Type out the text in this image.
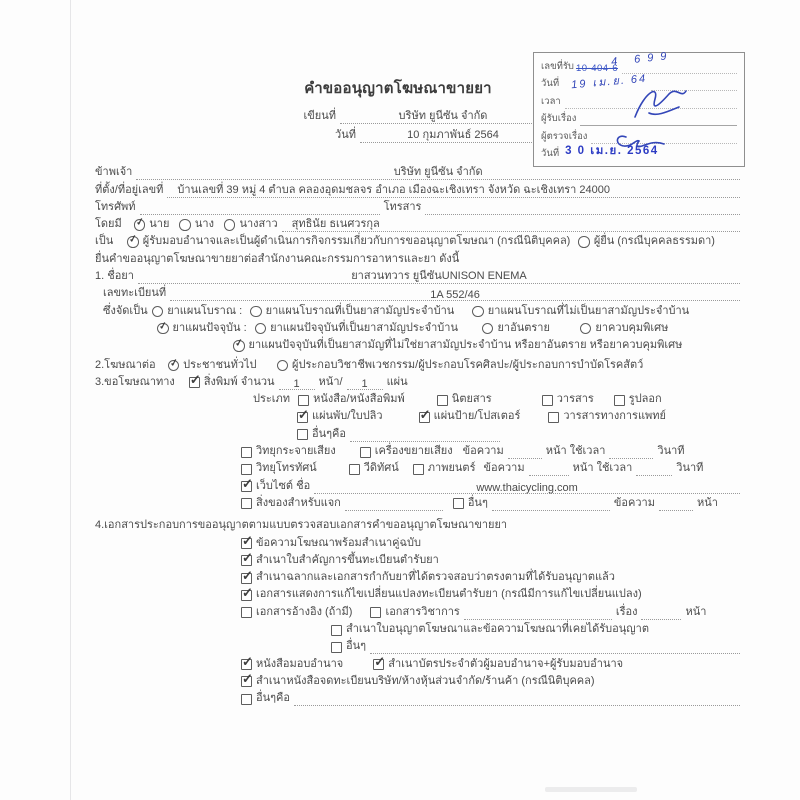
คำขออนุญาตโฆษณาขายยา
เขียนที่	บริษัท ยูนีซัน จำกัด
วันที่	10 กุมภาพันธ์ 2564
เลขที่รับ 10-404-6
4 699
วันที่ 19 เม.ย. 64
เวลา
ผู้รับเรื่อง
ผู้ตรวจเรื่อง
วันที่ 3 0 เม.ย. 2564
ข้าพเจ้า	บริษัท ยูนีซัน จำกัด
ที่ตั้ง/ที่อยู่เลขที่	บ้านเลขที่ 39 หมู่ 4 ตำบล คลองอุดมชลจร อำเภอ เมืองฉะเชิงเทรา จังหวัด ฉะเชิงเทรา 24000
โทรศัพท์	โทรสาร
โดยมี ✓ นาย นาง นางสาว	สุทธินัย ธเนศวรกุล
เป็น ✓ ผู้รับมอบอำนาจและเป็นผู้ดำเนินการกิจกรรมเกี่ยวกับการขออนุญาตโฆษณา (กรณีนิติบุคคล) ผู้ยื่น (กรณีบุคคลธรรมดา)
ยื่นคำขออนุญาตโฆษณาขายยาต่อสำนักงานคณะกรรมการอาหารและยา ดังนี้
1. ชื่อยา	ยาสวนทวาร ยูนีซันUNISON ENEMA
เลขทะเบียนที่	1A 552/46
ซึ่งจัดเป็น ยาแผนโบราณ : ยาแผนโบราณที่เป็นยาสามัญประจำบ้าน	ยาแผนโบราณที่ไม่เป็นยาสามัญประจำบ้าน
✓ ยาแผนปัจจุบัน : ยาแผนปัจจุบันที่เป็นยาสามัญประจำบ้าน	ยาอันตราย	ยาควบคุมพิเศษ
✓ ยาแผนปัจจุบันที่เป็นยาสามัญที่ไม่ใช่ยาสามัญประจำบ้าน หรือยาอันตราย หรือยาควบคุมพิเศษ
2.โฆษณาต่อ ✓ ประชาชนทั่วไป	ผู้ประกอบวิชาชีพเวชกรรม/ผู้ประกอบโรคศิลปะ/ผู้ประกอบการบำบัดโรคสัตว์
3.ขอโฆษณาทาง ✓ สิ่งพิมพ์ จำนวน	1	หน้า/	1	แผ่น
ประเภท หนังสือ/หนังสือพิมพ์	นิตยสาร	วารสาร	รูปลอก
✓ แผ่นพับ/ใบปลิว	✓ แผ่นป้าย/โปสเตอร์	วารสารทางการแพทย์
อื่นๆคือ
วิทยุกระจายเสียง	เครื่องขยายเสียง ข้อความ	หน้า ใช้เวลา	วินาที
วิทยุโทรทัศน์	วีดิทัศน์	ภาพยนตร์ ข้อความ	หน้า ใช้เวลา	วินาที
✓ เว็บไซต์ ชื่อ	www.thaicycling.com
สิ่งของสำหรับแจก	อื่นๆ	ข้อความ	หน้า
4.เอกสารประกอบการขออนุญาตตามแบบตรวจสอบเอกสารคำขออนุญาตโฆษณาขายยา
✓ ข้อความโฆษณาพร้อมสำเนาคู่ฉบับ
✓ สำเนาใบสำคัญการขึ้นทะเบียนตำรับยา
✓ สำเนาฉลากและเอกสารกำกับยาที่ได้ตรวจสอบว่าตรงตามที่ได้รับอนุญาตแล้ว
✓ เอกสารแสดงการแก้ไขเปลี่ยนแปลงทะเบียนตำรับยา (กรณีมีการแก้ไขเปลี่ยนแปลง)
เอกสารอ้างอิง (ถ้ามี)	เอกสารวิชาการ	เรื่อง	หน้า
สำเนาใบอนุญาตโฆษณาและข้อความโฆษณาที่เคยได้รับอนุญาต
อื่นๆ
✓ หนังสือมอบอำนาจ ✓ สำเนาบัตรประจำตัวผู้มอบอำนาจ+ผู้รับมอบอำนาจ
✓ สำเนาหนังสือจดทะเบียนบริษัท/ห้างหุ้นส่วนจำกัด/ร้านค้า (กรณีนิติบุคคล)
อื่นๆคือ
